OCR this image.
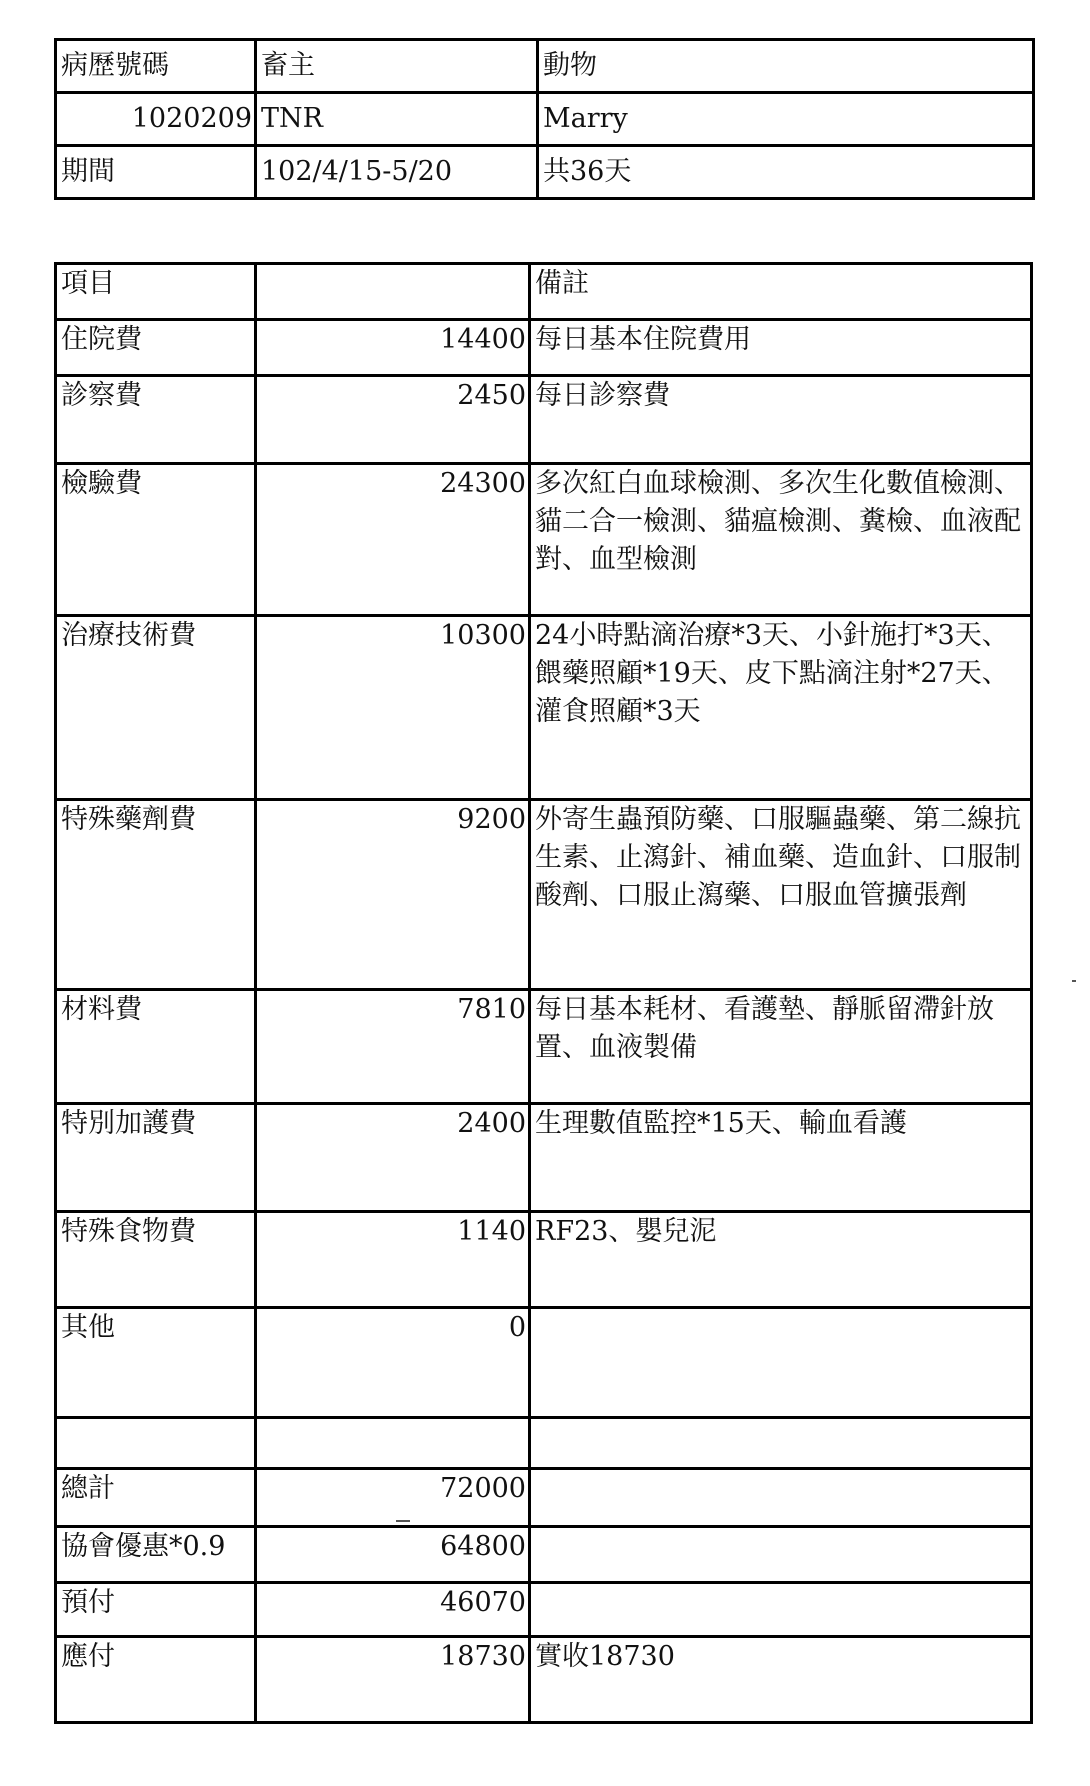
病歷號碼	畜主	動物
1020209	TNR	Marry
期間	102/4/15-5/20	共36天
項目		備註
住院費	14400	每日基本住院費用
診察費	2450	每日診察費
檢驗費	24300	多次紅白血球檢測、多次生化數值檢測、貓二合一檢測、貓瘟檢測、糞檢、血液配對、血型檢測
治療技術費	10300	24小時點滴治療*3天、小針施打*3天、餵藥照顧*19天、皮下點滴注射*27天、灌食照顧*3天
特殊藥劑費	9200	外寄生蟲預防藥、口服驅蟲藥、第二線抗生素、止瀉針、補血藥、造血針、口服制酸劑、口服止瀉藥、口服血管擴張劑
材料費	7810	每日基本耗材、看護墊、靜脈留滯針放置、血液製備
特別加護費	2400	生理數值監控*15天、輸血看護
特殊食物費	1140	RF23、嬰兒泥
其他	0	

總計	72000	
協會優惠*0.9	64800	
預付	46070	
應付	18730	實收18730
